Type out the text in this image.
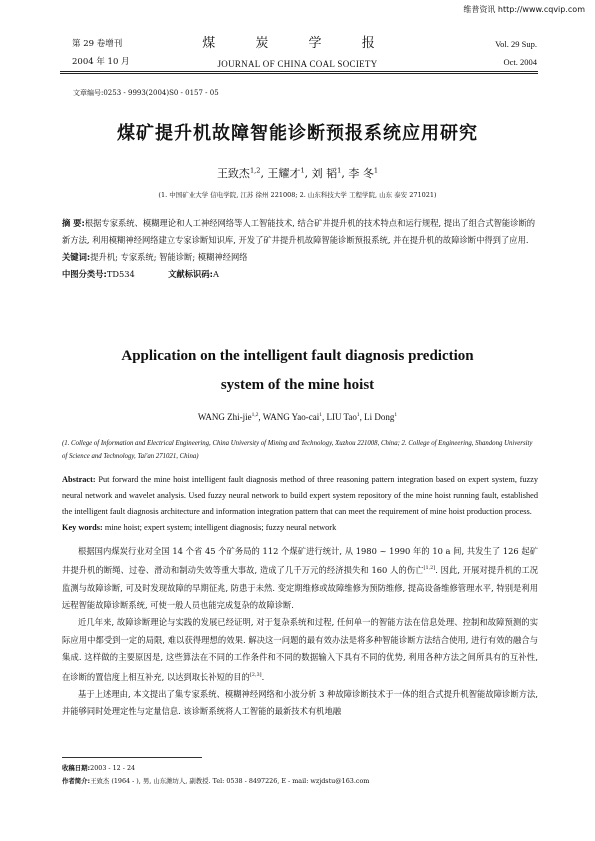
维普资讯 http://www.cqvip.com
第 29 卷增刊
2004 年 10 月
煤 炭 学 报
JOURNAL OF CHINA COAL SOCIETY
Vol. 29 Sup.
Oct. 2004
文章编号:0253 - 9993(2004)S0 - 0157 - 05
煤矿提升机故障智能诊断预报系统应用研究
王致杰$^{1,2}$, 王耀才$^1$, 刘 韬$^1$, 李 冬$^1$
(1. 中国矿业大学 信电学院, 江苏 徐州 221008; 2. 山东科技大学 工程学院, 山东 泰安 271021)
摘 要:根据专家系统、模糊理论和人工神经网络等人工智能技术, 结合矿井提升机的技术特点和运行规程, 提出了组合式智能诊断的新方法, 利用模糊神经网络建立专家诊断知识库, 开发了矿井提升机故障智能诊断预报系统, 并在提升机的故障诊断中得到了应用.
关键词:提升机; 专家系统; 智能诊断; 模糊神经网络
中图分类号:TD534	文献标识码:A
Application on the intelligent fault diagnosis prediction
system of the mine hoist
WANG Zhi-jie$^{1,2}$, WANG Yao-cai$^1$, LIU Tao$^1$, Li Dong$^1$
(1. College of Information and Electrical Engineering, China University of Mining and Technology, Xuzhou 221008, China; 2. College of Engineering, Shandong University of Science and Technology, Tai'an 271021, China)
Abstract: Put forward the mine hoist intelligent fault diagnosis method of three reasoning pattern integration based on expert system, fuzzy neural network and wavelet analysis. Used fuzzy neural network to build expert system repository of the mine hoist running fault, established the intelligent fault diagnosis architecture and information integration pattern that can meet the requirement of mine hoist production process.
Key words: mine hoist; expert system; intelligent diagnosis; fuzzy neural network

根据国内煤炭行业对全国 14 个省 45 个矿务局的 112 个煤矿进行统计, 从 1980 ~ 1990 年的 10 a 间, 共发生了 126 起矿井提升机的断绳、过卷、滑动和制动失效等重大事故, 造成了几千万元的经济损失和 160 人的伤亡[1,2]. 因此, 开展对提升机的工况监测与故障诊断, 可及时发现故障的早期征兆, 防患于未然. 变定期维修或故障维修为预防维修, 提高设备维修管理水平, 特别是利用远程智能故障诊断系统, 可使一般人员也能完成复杂的故障诊断.

近几年来, 故障诊断理论与实践的发展已经证明, 对于复杂系统和过程, 任何单一的智能方法在信息处理、控制和故障预测的实际应用中都受到一定的局限, 难以获得理想的效果. 解决这一问题的最有效办法是将多种智能诊断方法结合使用, 进行有效的融合与集成. 这样做的主要原因是, 这些算法在不同的工作条件和不同的数据输入下具有不同的优势, 利用各种方法之间所具有的互补性, 在诊断的置信度上相互补充, 以达到取长补短的目的[2,3].

基于上述理由, 本文提出了集专家系统、模糊神经网络和小波分析 3 种故障诊断技术于一体的组合式提升机智能故障诊断方法, 并能够同时处理定性与定量信息. 该诊断系统将人工智能的最新技术有机地融

收稿日期:2003 - 12 - 24
作者简介:王致杰 (1964 - ), 男, 山东潍坊人, 副教授. Tel: 0538 - 8497226, E - mail: wzjdstu@163.com
